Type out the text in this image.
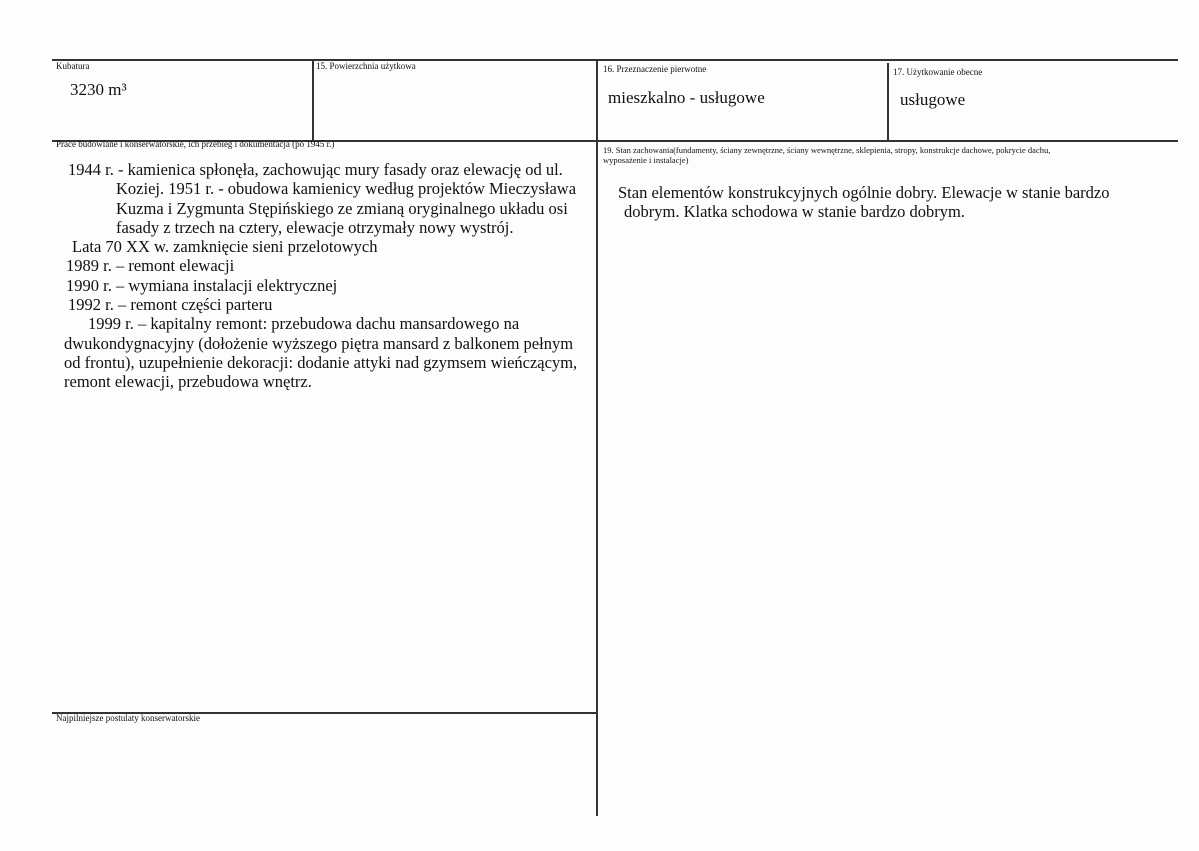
Kubatura
3230 m³
15. Powierzchnia użytkowa	16. Przeznaczenie pierwotne
mieszkalno - usługowe
17. Użytkowanie obecne
usługowe
Prace budowlane i konserwatorskie, ich przebieg i dokumentacja (po 1945 r.)
1944 r. - kamienica spłonęła, zachowując mury fasady oraz elewację od ul.
Koziej. 1951 r. - obudowa kamienicy według projektów Mieczysława
Kuzma i Zygmunta Stępińskiego ze zmianą oryginalnego układu osi
fasady z trzech na cztery, elewacje otrzymały nowy wystrój.
Lata 70 XX w. zamknięcie sieni przelotowych
1989 r. – remont elewacji
1990 r. – wymiana instalacji elektrycznej
1992 r. – remont części parteru
1999 r. – kapitalny remont: przebudowa dachu mansardowego na
dwukondygnacyjny (dołożenie wyższego piętra mansard z balkonem pełnym
od frontu), uzupełnienie dekoracji: dodanie attyki nad gzymsem wieńczącym,
remont elewacji, przebudowa wnętrz.
19. Stan zachowania(fundamenty, ściany zewnętrzne, ściany wewnętrzne, sklepienia, stropy, konstrukcje dachowe, pokrycie dachu,
wyposażenie i instalacje)
Stan elementów konstrukcyjnych ogólnie dobry. Elewacje w stanie bardzo
dobrym. Klatka schodowa w stanie bardzo dobrym.
Najpilniejsze postulaty konserwatorskie
